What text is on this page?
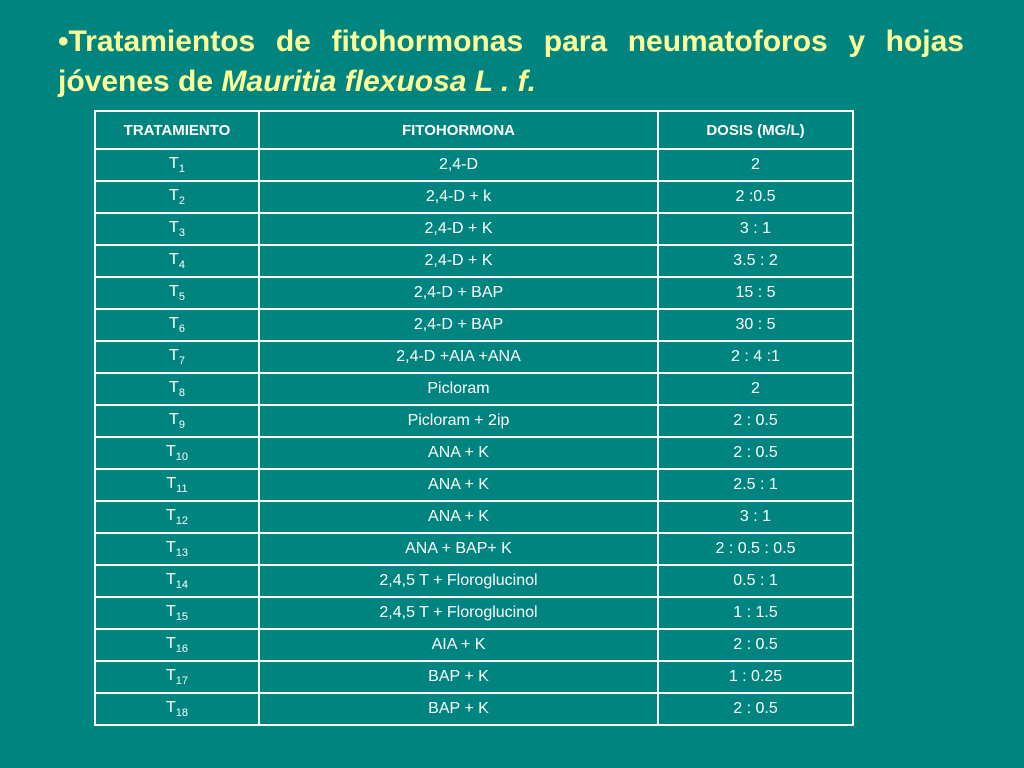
•Tratamientos de fitohormonas para neumatoforos y hojas jóvenes de Mauritia flexuosa L . f.
TRATAMIENTO	FITOHORMONA	DOSIS (MG/L)
$T_1$	2,4-D	2
$T_2$	2,4-D + k	2 :0.5
$T_3$	2,4-D + K	3 : 1
$T_4$	2,4-D + K	3.5 : 2
$T_5$	2,4-D + BAP	15 : 5
$T_6$	2,4-D + BAP	30 : 5
$T_7$	2,4-D +AIA +ANA	2 : 4 :1
$T_8$	Picloram	2
$T_9$	Picloram + 2ip	2 : 0.5
$T_{10}$	ANA + K	2 : 0.5
$T_{11}$	ANA + K	2.5 : 1
$T_{12}$	ANA + K	3 : 1
$T_{13}$	ANA + BAP+ K	2 : 0.5 : 0.5
$T_{14}$	2,4,5 T + Floroglucinol	0.5 : 1
$T_{15}$	2,4,5 T + Floroglucinol	1 : 1.5
$T_{16}$	AIA + K	2 : 0.5
$T_{17}$	BAP + K	1 : 0.25
$T_{18}$	BAP + K	2 : 0.5
